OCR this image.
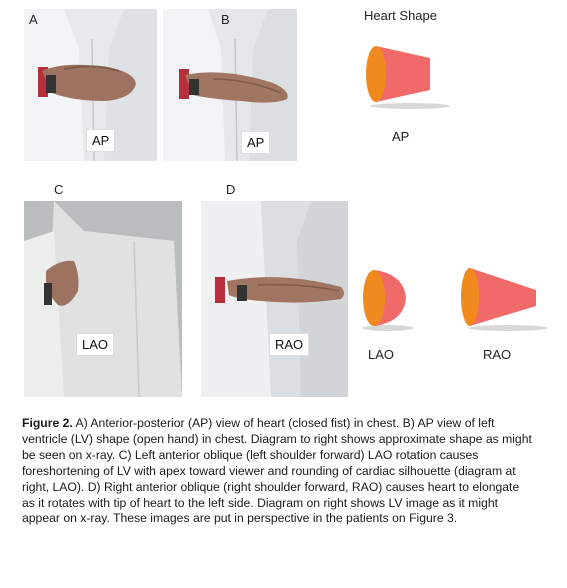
A
AP
B
AP
C
LAO
D
RAO
Heart Shape
AP
LAO	RAO
Figure 2. A) Anterior-posterior (AP) view of heart (closed fist) in chest. B) AP view of left ventricle (LV) shape (open hand) in chest. Diagram to right shows approximate shape as might be seen on x-ray. C) Left anterior oblique (left shoulder forward) LAO rotation causes foreshortening of LV with apex toward viewer and rounding of cardiac silhouette (diagram at right, LAO). D) Right anterior oblique (right shoulder forward, RAO) causes heart to elongate as it rotates with tip of heart to the left side. Diagram on right shows LV image as it might appear on x-ray. These images are put in perspective in the patients on Figure 3.
